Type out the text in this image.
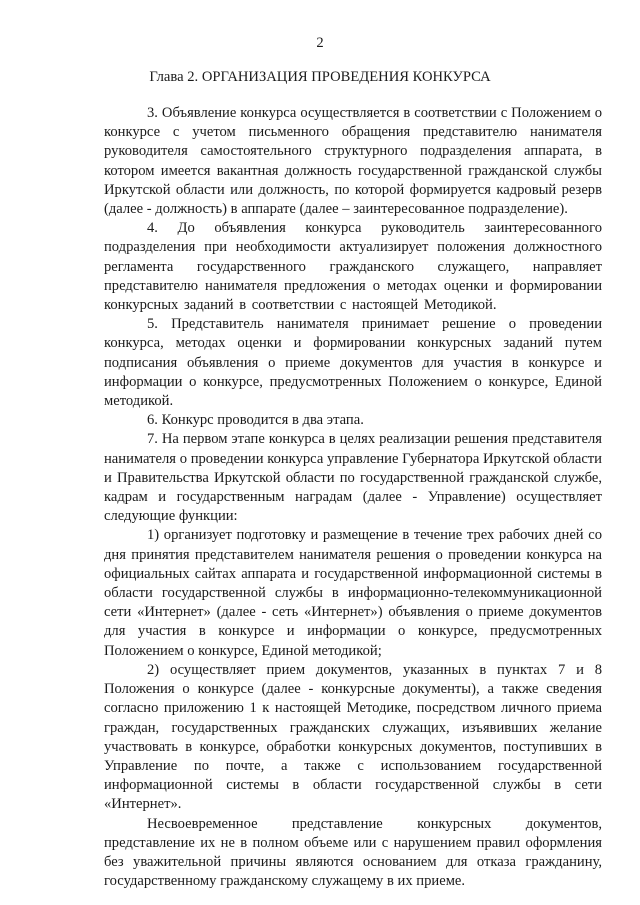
2
Глава 2. ОРГАНИЗАЦИЯ ПРОВЕДЕНИЯ КОНКУРСА

3. Объявление конкурса осуществляется в соответствии с Положением о конкурсе с учетом письменного обращения представителю нанимателя руководителя самостоятельного структурного подразделения аппарата, в котором имеется вакантная должность государственной гражданской службы Иркутской области или должность, по которой формируется кадровый резерв (далее - должность) в аппарате (далее – заинтересованное подразделение).

4. До объявления конкурса руководитель заинтересованного подразделения при необходимости актуализирует положения должностного регламента государственного гражданского служащего, направляет представителю нанимателя предложения о методах оценки и формировании конкурсных заданий в соответствии с настоящей Методикой.

5. Представитель нанимателя принимает решение о проведении конкурса, методах оценки и формировании конкурсных заданий путем подписания объявления о приеме документов для участия в конкурсе и информации о конкурсе, предусмотренных Положением о конкурсе, Единой методикой.

6. Конкурс проводится в два этапа.

7. На первом этапе конкурса в целях реализации решения представителя нанимателя о проведении конкурса управление Губернатора Иркутской области и Правительства Иркутской области по государственной гражданской службе, кадрам и государственным наградам (далее - Управление) осуществляет следующие функции:

1) организует подготовку и размещение в течение трех рабочих дней со дня принятия представителем нанимателя решения о проведении конкурса на официальных сайтах аппарата и государственной информационной системы в области государственной службы в информационно-телекоммуникационной сети «Интернет» (далее - сеть «Интернет») объявления о приеме документов для участия в конкурсе и информации о конкурсе, предусмотренных Положением о конкурсе, Единой методикой;

2) осуществляет прием документов, указанных в пунктах 7 и 8 Положения о конкурсе (далее - конкурсные документы), а также сведения согласно приложению 1 к настоящей Методике, посредством личного приема граждан, государственных гражданских служащих, изъявивших желание участвовать в конкурсе, обработки конкурсных документов, поступивших в Управление по почте, а также с использованием государственной информационной системы в области государственной службы в сети «Интернет».

Несвоевременное представление конкурсных документов, представление их не в полном объеме или с нарушением правил оформления без уважительной причины являются основанием для отказа гражданину, государственному гражданскому служащему в их приеме.
